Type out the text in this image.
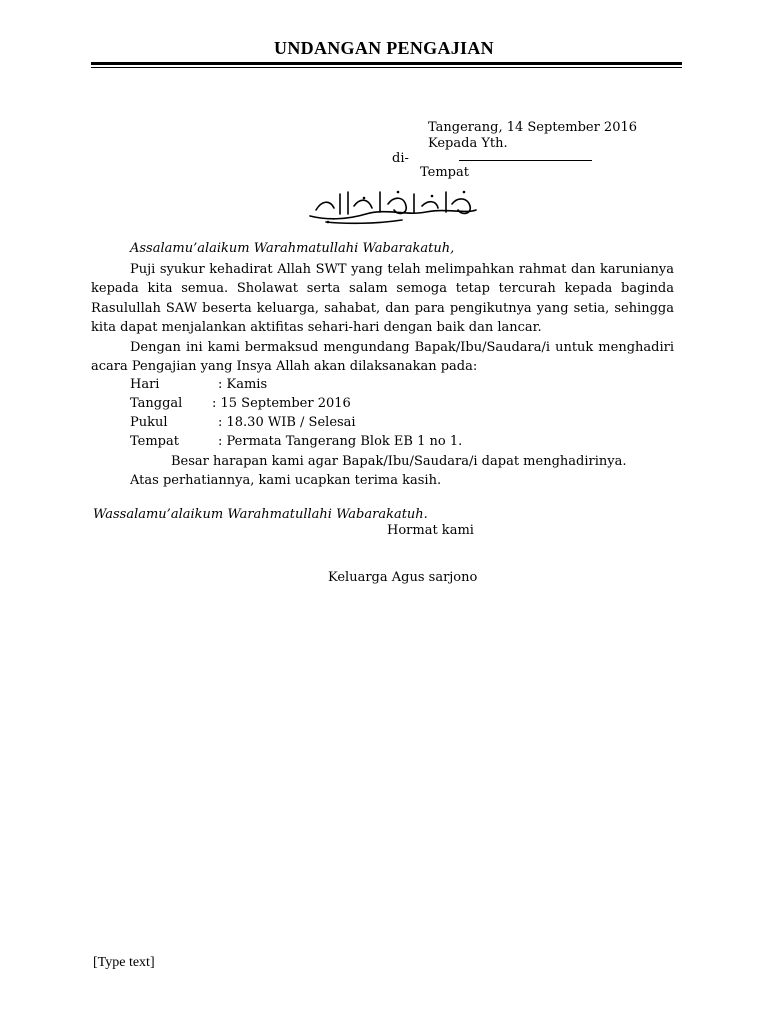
UNDANGAN PENGAJIAN
Tangerang, 14 September 2016
Kepada Yth.
di-
Tempat
بسم الله الرحمن الرحيم
Assalamu’alaikum Warahmatullahi Wabarakatuh,
Puji syukur kehadirat Allah SWT yang telah melimpahkan rahmat dan karunianya kepada kita semua. Sholawat serta salam semoga tetap tercurah kepada baginda Rasulullah SAW beserta keluarga, sahabat, dan para pengikutnya yang setia, sehingga kita dapat menjalankan aktifitas sehari-hari dengan baik dan lancar.
Dengan ini kami bermaksud mengundang Bapak/Ibu/Saudara/i untuk menghadiri acara Pengajian yang Insya Allah akan dilaksanakan pada:
Hari	: Kamis
Tanggal : 15 September 2016
Pukul	: 18.30 WIB / Selesai
Tempat	: Permata Tangerang Blok EB 1 no 1.
Besar harapan kami agar Bapak/Ibu/Saudara/i dapat menghadirinya.
Atas perhatiannya, kami ucapkan terima kasih.
Wassalamu’alaikum Warahmatullahi Wabarakatuh.
Hormat kami
Keluarga Agus sarjono
[Type text]
